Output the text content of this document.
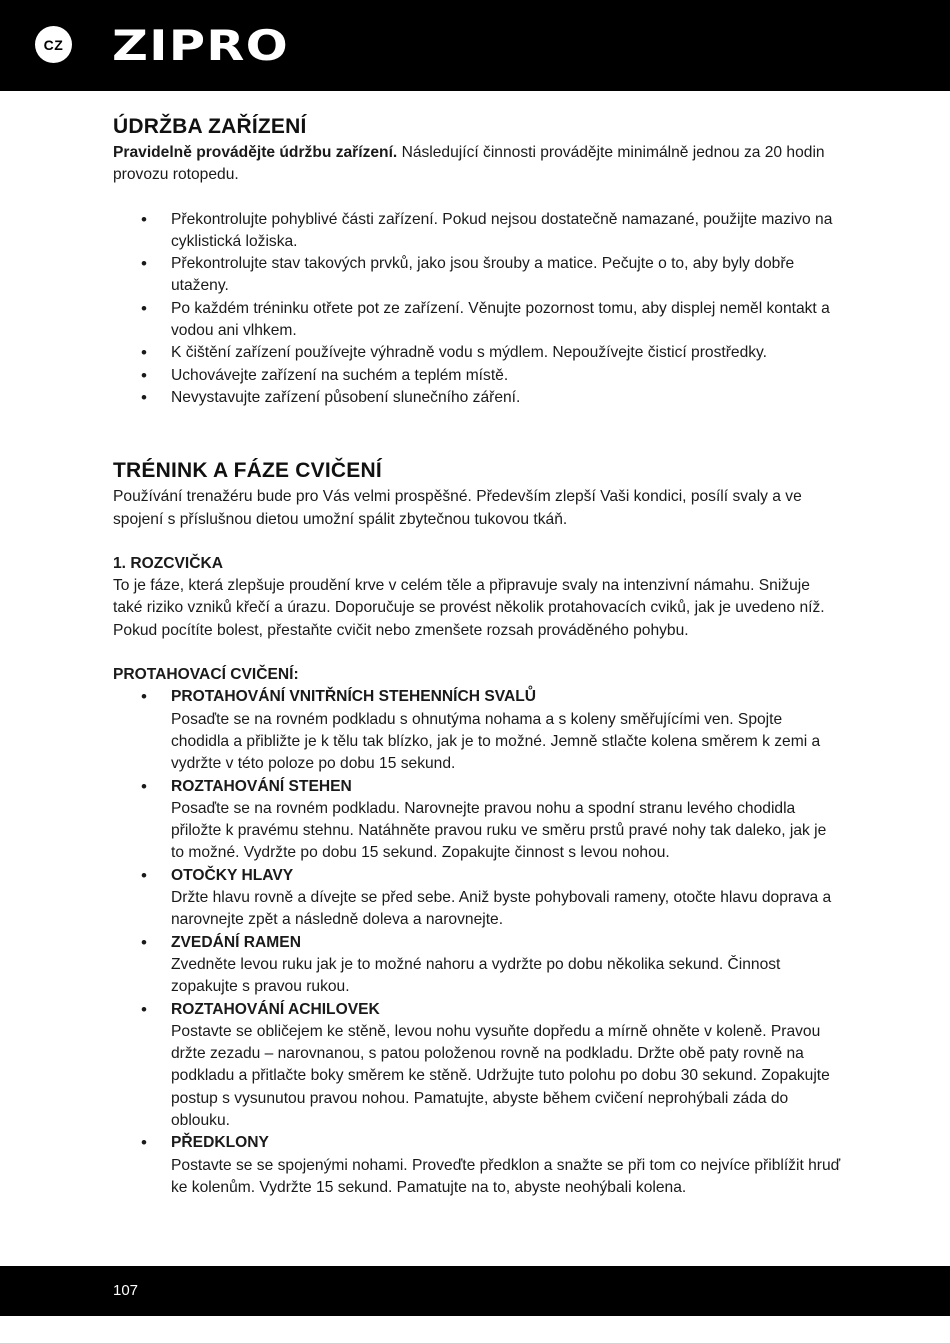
CZ ZIPRO
ÚDRŽBA ZAŘÍZENÍ

Pravidelně provádějte údržbu zařízení. Následující činnosti provádějte minimálně jednou za 20 hodin provozu rotopedu.

• Překontrolujte pohyblivé části zařízení. Pokud nejsou dostatečně namazané, použijte mazivo na cyklistická ložiska.
• Překontrolujte stav takových prvků, jako jsou šrouby a matice. Pečujte o to, aby byly dobře utaženy.
• Po každém tréninku otřete pot ze zařízení. Věnujte pozornost tomu, aby displej neměl kontakt a vodou ani vlhkem.
• K čištění zařízení používejte výhradně vodu s mýdlem. Nepoužívejte čisticí prostředky.
• Uchovávejte zařízení na suchém a teplém místě.
• Nevystavujte zařízení působení slunečního záření.
TRÉNINK A FÁZE CVIČENÍ

Používání trenažéru bude pro Vás velmi prospěšné. Především zlepší Vaši kondici, posílí svaly a ve spojení s příslušnou dietou umožní spálit zbytečnou tukovou tkáň.

1. ROZCVIČKA

To je fáze, která zlepšuje proudění krve v celém těle a připravuje svaly na intenzivní námahu. Snižuje také riziko vzniků křečí a úrazu. Doporučuje se provést několik protahovacích cviků, jak je uvedeno níž. Pokud pocítíte bolest, přestaňte cvičit nebo zmenšete rozsah prováděného pohybu.

PROTAHOVACÍ CVIČENÍ:

• PROTAHOVÁNÍ VNITŘNÍCH STEHENNÍCH SVALŮ
Posaďte se na rovném podkladu s ohnutýma nohama a s koleny směřujícími ven. Spojte chodidla a přibližte je k tělu tak blízko, jak je to možné. Jemně stlačte kolena směrem k zemi a vydržte v této poloze po dobu 15 sekund.
• ROZTAHOVÁNÍ STEHEN
Posaďte se na rovném podkladu. Narovnejte pravou nohu a spodní stranu levého chodidla přiložte k pravému stehnu. Natáhněte pravou ruku ve směru prstů pravé nohy tak daleko, jak je to možné. Vydržte po dobu 15 sekund. Zopakujte činnost s levou nohou.
• OTOČKY HLAVY
Držte hlavu rovně a dívejte se před sebe. Aniž byste pohybovali rameny, otočte hlavu doprava a narovnejte zpět a následně doleva a narovnejte.
• ZVEDÁNÍ RAMEN
Zvedněte levou ruku jak je to možné nahoru a vydržte po dobu několika sekund. Činnost zopakujte s pravou rukou.
• ROZTAHOVÁNÍ ACHILOVEK
Postavte se obličejem ke stěně, levou nohu vysuňte dopředu a mírně ohněte v koleně. Pravou držte zezadu – narovnanou, s patou položenou rovně na podkladu. Držte obě paty rovně na podkladu a přitlačte boky směrem ke stěně. Udržujte tuto polohu po dobu 30 sekund. Zopakujte postup s vysunutou pravou nohou. Pamatujte, abyste během cvičení neprohýbali záda do oblouku.
• PŘEDKLONY
Postavte se se spojenými nohami. Proveďte předklon a snažte se při tom co nejvíce přiblížit hruď ke kolenům. Vydržte 15 sekund. Pamatujte na to, abyste neohýbali kolena.
107
